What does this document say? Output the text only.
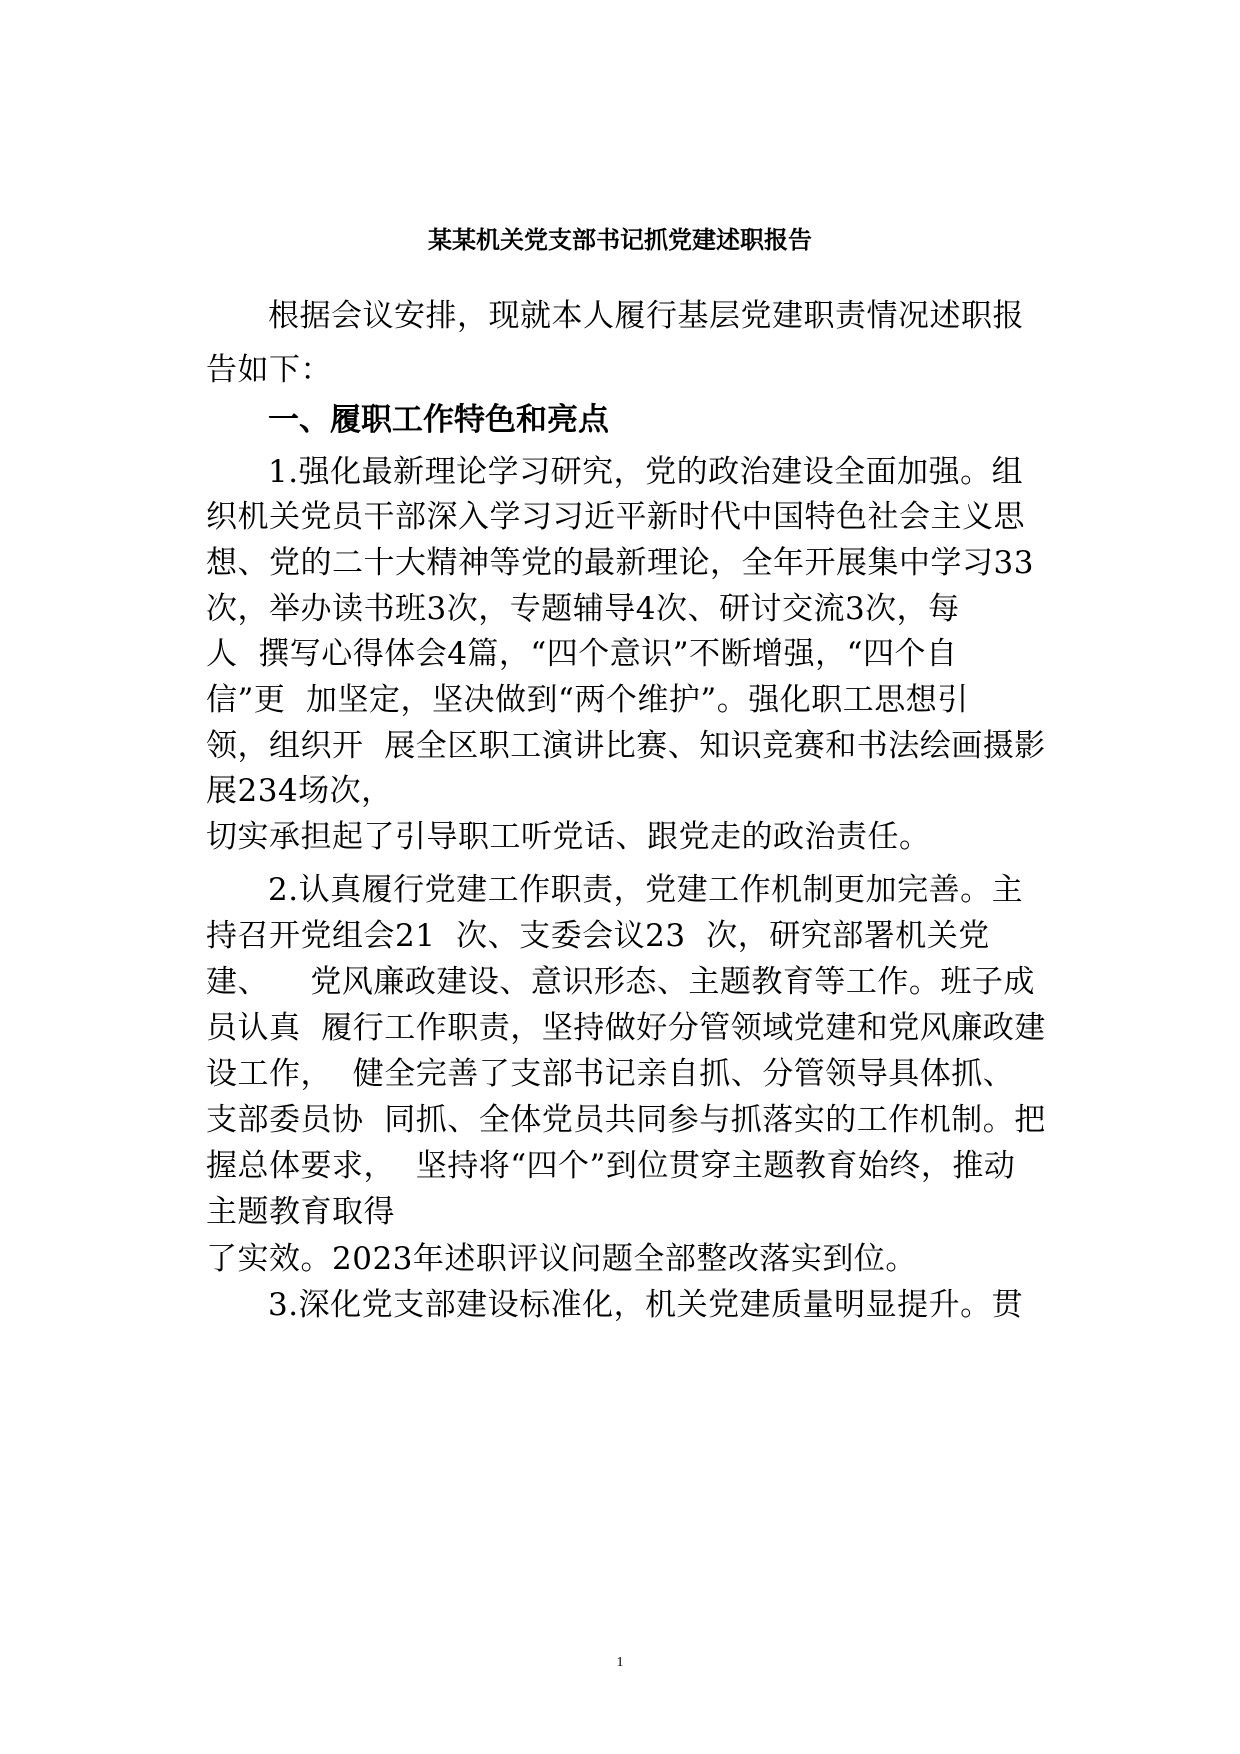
某某机关党支部书记抓党建述职报告
根据会议安排，现就本人履行基层党建职责情况述职报
告如下：
一、履职工作特色和亮点
1.强化最新理论学习研究，党的政治建设全面加强。组
织机关党员干部深入学习习近平新时代中国特色社会主义思
想、党的二十大精神等党的最新理论，全年开展集中学习33
次，举办读书班3次，专题辅导4次、研讨交流3次，每
人  撰写心得体会4篇，“四个意识”不断增强，“四个自
信”更  加坚定，坚决做到“两个维护”。强化职工思想引
领，组织开  展全区职工演讲比赛、知识竞赛和书法绘画摄影
展234场次，
切实承担起了引导职工听党话、跟党走的政治责任。
2.认真履行党建工作职责，党建工作机制更加完善。主
持召开党组会21  次、支委会议23  次，研究部署机关党
建、    党风廉政建设、意识形态、主题教育等工作。班子成
员认真  履行工作职责，坚持做好分管领域党建和党风廉政建
设工作，  健全完善了支部书记亲自抓、分管领导具体抓、
支部委员协  同抓、全体党员共同参与抓落实的工作机制。把
握总体要求，  坚持将“四个”到位贯穿主题教育始终，推动
主题教育取得
了实效。2023年述职评议问题全部整改落实到位。
3.深化党支部建设标准化，机关党建质量明显提升。贯
1
